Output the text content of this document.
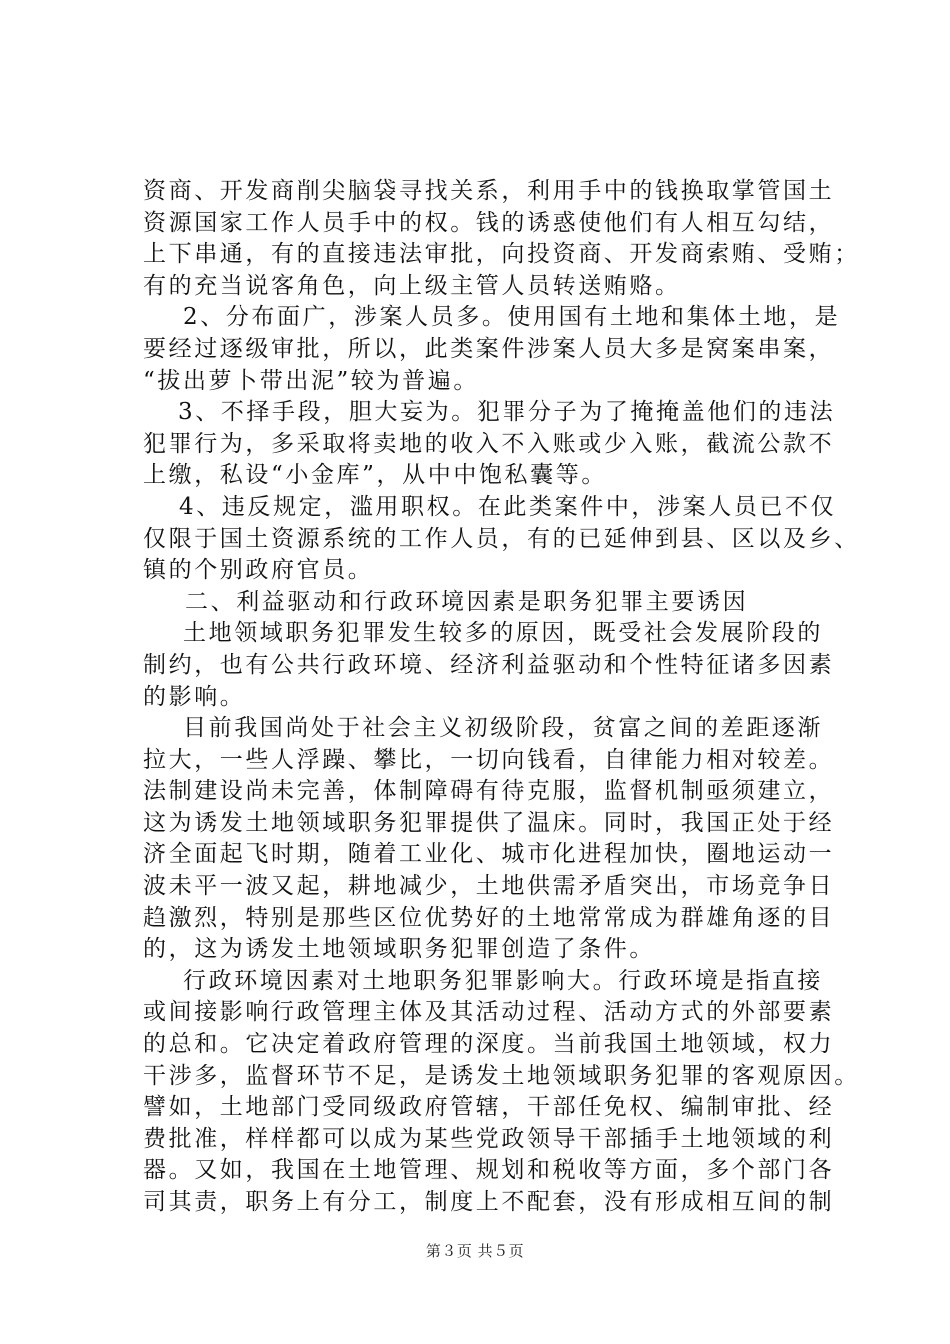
资商、开发商削尖脑袋寻找关系，利用手中的钱换取掌管国土
资源国家工作人员手中的权。钱的诱惑使他们有人相互勾结，
上下串通，有的直接违法审批，向投资商、开发商索贿、受贿；
有的充当说客角色，向上级主管人员转送贿赂。
2、分布面广，涉案人员多。使用国有土地和集体土地，是
要经过逐级审批，所以，此类案件涉案人员大多是窝案串案，
“拔出萝卜带出泥”较为普遍。
3、不择手段，胆大妄为。犯罪分子为了掩掩盖他们的违法
犯罪行为，多采取将卖地的收入不入账或少入账，截流公款不
上缴，私设“小金库”，从中中饱私囊等。
4、违反规定，滥用职权。在此类案件中，涉案人员已不仅
仅限于国土资源系统的工作人员，有的已延伸到县、区以及乡、
镇的个别政府官员。
二、利益驱动和行政环境因素是职务犯罪主要诱因
土地领域职务犯罪发生较多的原因，既受社会发展阶段的
制约，也有公共行政环境、经济利益驱动和个性特征诸多因素
的影响。
目前我国尚处于社会主义初级阶段，贫富之间的差距逐渐
拉大，一些人浮躁、攀比，一切向钱看，自律能力相对较差。
法制建设尚未完善，体制障碍有待克服，监督机制亟须建立，
这为诱发土地领域职务犯罪提供了温床。同时，我国正处于经
济全面起飞时期，随着工业化、城市化进程加快，圈地运动一
波未平一波又起，耕地减少，土地供需矛盾突出，市场竞争日
趋激烈，特别是那些区位优势好的土地常常成为群雄角逐的目
的，这为诱发土地领域职务犯罪创造了条件。
行政环境因素对土地职务犯罪影响大。行政环境是指直接
或间接影响行政管理主体及其活动过程、活动方式的外部要素
的总和。它决定着政府管理的深度。当前我国土地领域，权力
干涉多，监督环节不足，是诱发土地领域职务犯罪的客观原因。
譬如，土地部门受同级政府管辖，干部任免权、编制审批、经
费批准，样样都可以成为某些党政领导干部插手土地领域的利
器。又如，我国在土地管理、规划和税收等方面，多个部门各
司其责，职务上有分工，制度上不配套，没有形成相互间的制
第３页 共５页
